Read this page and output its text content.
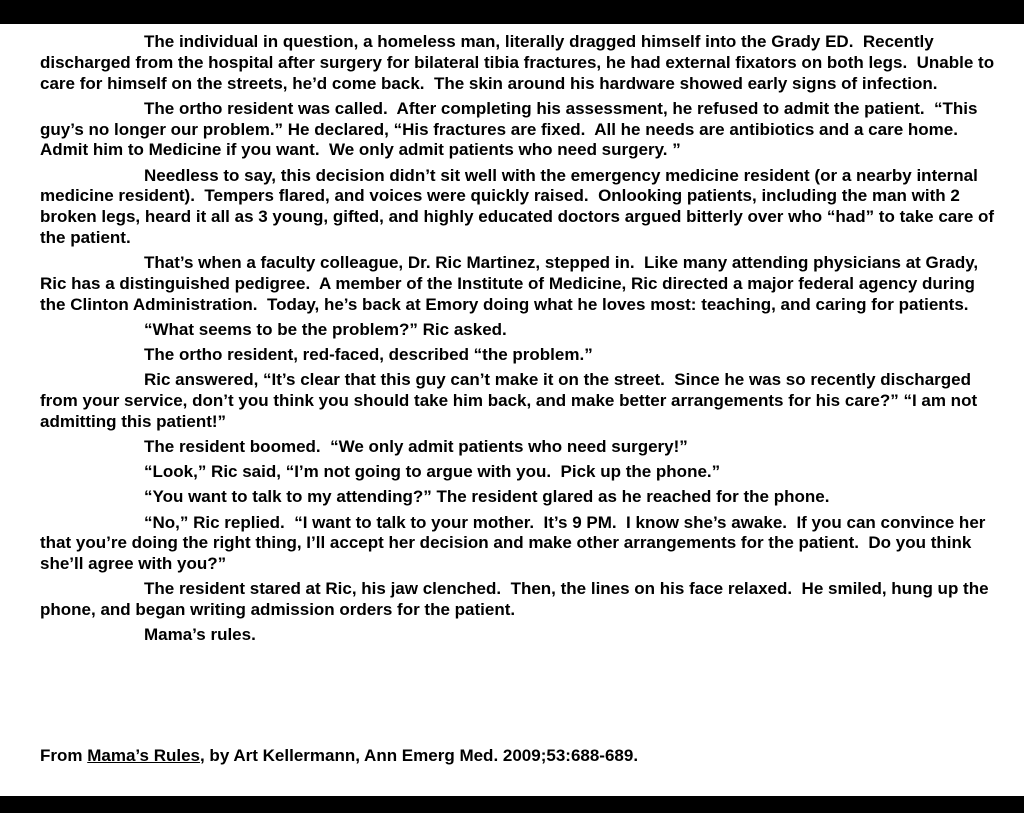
The individual in question, a homeless man, literally dragged himself into the Grady ED.  Recently discharged from the hospital after surgery for bilateral tibia fractures, he had external fixators on both legs.  Unable to care for himself on the streets, he’d come back.  The skin around his hardware showed early signs of infection.

The ortho resident was called.  After completing his assessment, he refused to admit the patient.  “This guy’s no longer our problem.” He declared, “His fractures are fixed.  All he needs are antibiotics and a care home.  Admit him to Medicine if you want.  We only admit patients who need surgery. ”

Needless to say, this decision didn’t sit well with the emergency medicine resident (or a nearby internal medicine resident).  Tempers flared, and voices were quickly raised.  Onlooking patients, including the man with 2 broken legs, heard it all as 3 young, gifted, and highly educated doctors argued bitterly over who “had” to take care of the patient.

That’s when a faculty colleague, Dr. Ric Martinez, stepped in.  Like many attending physicians at Grady, Ric has a distinguished pedigree.  A member of the Institute of Medicine, Ric directed a major federal agency during the Clinton Administration.  Today, he’s back at Emory doing what he loves most: teaching, and caring for patients.

“What seems to be the problem?” Ric asked.

The ortho resident, red-faced, described “the problem.”

Ric answered, “It’s clear that this guy can’t make it on the street.  Since he was so recently discharged from your service, don’t you think you should take him back, and make better arrangements for his care?” “I am not admitting this patient!”

The resident boomed.  “We only admit patients who need surgery!”

“Look,” Ric said, “I’m not going to argue with you.  Pick up the phone.”

“You want to talk to my attending?” The resident glared as he reached for the phone.

“No,” Ric replied.  “I want to talk to your mother.  It’s 9 PM.  I know she’s awake.  If you can convince her that you’re doing the right thing, I’ll accept her decision and make other arrangements for the patient.  Do you think she’ll agree with you?”

The resident stared at Ric, his jaw clenched.  Then, the lines on his face relaxed.  He smiled, hung up the phone, and began writing admission orders for the patient.

Mama’s rules.

From Mama’s Rules, by Art Kellermann, Ann Emerg Med. 2009;53:688-689.
